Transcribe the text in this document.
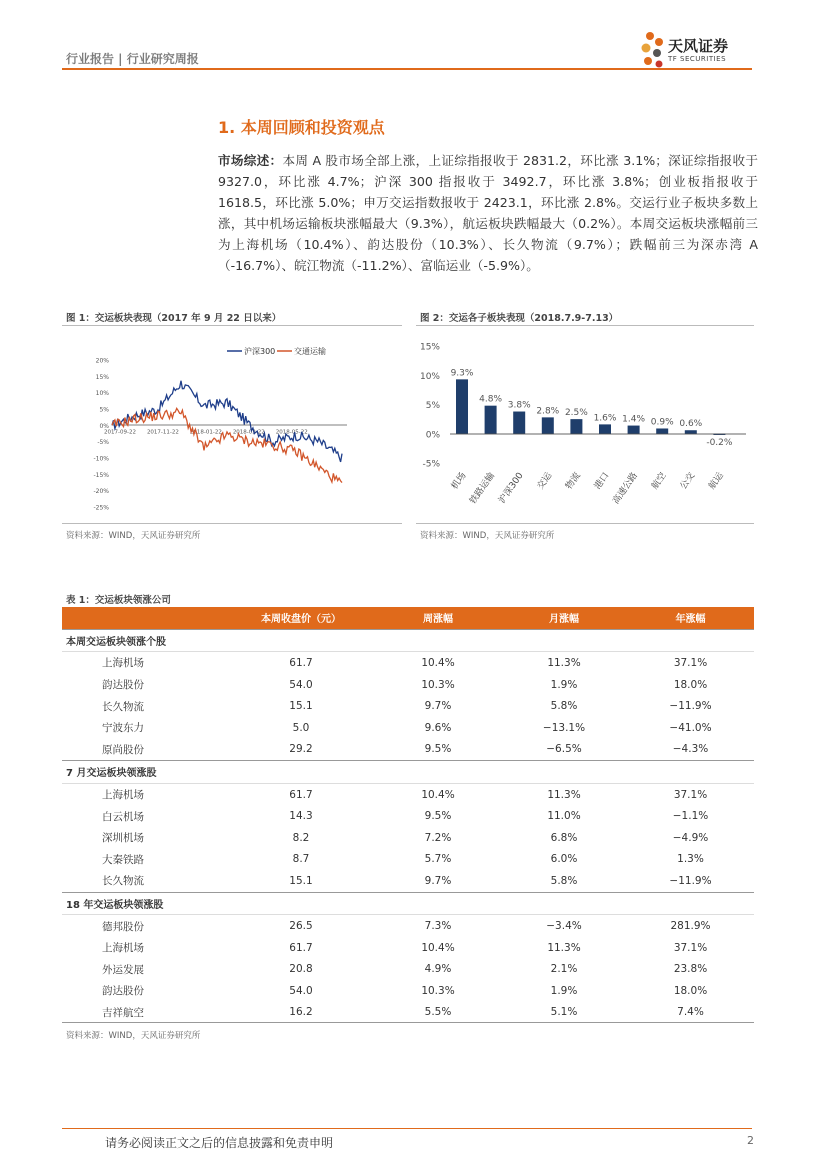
行业报告 | 行业研究周报
天风证券
TF SECURITIES
1. 本周回顾和投资观点
市场综述：本周 A 股市场全部上涨，上证综指报收于 2831.2，环比涨 3.1%；深证综指报收于 9327.0，环比涨 4.7%；沪深 300 指报收于 3492.7，环比涨 3.8%；创业板指报收于 1618.5，环比涨 5.0%；申万交运指数报收于 2423.1，环比涨 2.8%。交运行业子板块多数上涨，其中机场运输板块涨幅最大（9.3%），航运板块跌幅最大（0.2%）。本周交运板块涨幅前三为上海机场（10.4%）、韵达股份（10.3%）、长久物流（9.7%）；跌幅前三为深赤湾 A（-16.7%）、皖江物流（-11.2%）、富临运业（-5.9%）。
图 1：交运板块表现（2017 年 9 月 22 日以来）
沪深300 交通运输
20%
15%
10%
5%
0%
-5%
-10%
-15%
-20%
-25%
2017-09-22 2017-11-22 2018-01-22 2018-03-22 2018-05-22
资料来源：WIND，天风证券研究所
图 2：交运各子板块表现（2018.7.9-7.13）
15%
10%
5%
0%
-5%
9.3%
4.8%
3.8%
2.8% 2.5%
1.6% 1.4% 0.9% 0.6%
-0.2%
机场 铁路运输 沪深300 交运 物流 港口 高速公路 航空 公交 航运
资料来源：WIND，天风证券研究所
表 1：交运板块领涨公司
	本周收盘价（元）	周涨幅	月涨幅	年涨幅
本周交运板块领涨个股				
上海机场	61.7	10.4%	11.3%	37.1%
韵达股份	54.0	10.3%	1.9%	18.0%
长久物流	15.1	9.7%	5.8%	−11.9%
宁波东力	5.0	9.6%	−13.1%	−41.0%
原尚股份	29.2	9.5%	−6.5%	−4.3%
7 月交运板块领涨股				
上海机场	61.7	10.4%	11.3%	37.1%
白云机场	14.3	9.5%	11.0%	−1.1%
深圳机场	8.2	7.2%	6.8%	−4.9%
大秦铁路	8.7	5.7%	6.0%	1.3%
长久物流	15.1	9.7%	5.8%	−11.9%
18 年交运板块领涨股				
德邦股份	26.5	7.3%	−3.4%	281.9%
上海机场	61.7	10.4%	11.3%	37.1%
外运发展	20.8	4.9%	2.1%	23.8%
韵达股份	54.0	10.3%	1.9%	18.0%
吉祥航空	16.2	5.5%	5.1%	7.4%
资料来源：WIND，天风证券研究所
请务必阅读正文之后的信息披露和免责申明	2
